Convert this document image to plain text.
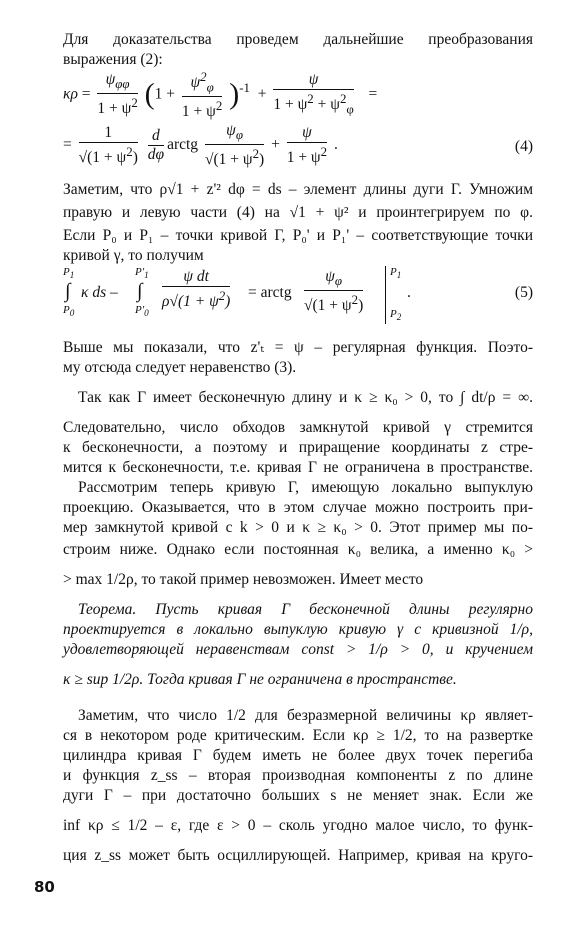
Для доказательства проведем дальнейшие преобразования
выражения (2):
$\kappa\rho = \frac{\psi_{\varphi\varphi}}{1 + \psi^2} (1 + \frac{\psi^2_\varphi}{1 + \psi^2} )^{-1} + \frac{\psi}{1 + \psi^2 + \psi^2_\varphi}$ =
= $\frac{1}{√(1 + \psi^2)}$
$\frac{d}{d\varphi}$ arctg $\frac{\psi_\varphi}{√(1 + \psi^2)} + \frac{\psi}{1 + \psi^2}$ .	(4)
Заметим, что ρ√1 + z'² dφ = ds – элемент длины дуги Г. Умножим
правую и левую части (4) на √1 + ψ² и проинтегрируем по φ.
Если P₀ и P₁ – точки кривой Г, P₀' и P₁' – соответствующие точки
кривой γ, то получим
$P_1$
∫
$P_0$
κ ds –
$P'_1$
∫
$P'_0$
$\frac{\text{ψ dt}}{\rho√(1 + \psi^2)}$ = arctg $\frac{\psi_\varphi}{√(1 + \psi^2)} P_1$
$P_2$
.	(5)
Выше мы показали, что z'ₜ = ψ – регулярная функция. Поэто-
му отсюда следует неравенство (3).
Так как Г имеет бесконечную длину и κ ≥ κ₀ > 0, то ∫ dt/ρ = ∞.
Следовательно, число обходов замкнутой кривой γ стремится
к бесконечности, а поэтому и приращение координаты z стре-
мится к бесконечности, т.е. кривая Г не ограничена в пространстве.
Рассмотрим теперь кривую Г, имеющую локально выпуклую
проекцию. Оказывается, что в этом случае можно построить при-
мер замкнутой кривой с k > 0 и κ ≥ κ₀ > 0. Этот пример мы по-
строим ниже. Однако если постоянная κ₀ велика, а именно κ₀ >
> max 1/2ρ, то такой пример невозможен. Имеет место
Теорема. Пусть кривая Г бесконечной длины регулярно
проектируется в локально выпуклую кривую γ с кривизной 1/ρ,
удовлетворяющей неравенствам const > 1/ρ > 0, и кручением
κ ≥ sup 1/2ρ. Тогда кривая Г не ограничена в пространстве.
Заметим, что число 1/2 для безразмерной величины κρ являет-
ся в некотором роде критическим. Если κρ ≥ 1/2, то на развертке
цилиндра кривая Г будем иметь не более двух точек перегиба
и функция z_ss – вторая производная компоненты z по длине
дуги Г – при достаточно больших s не меняет знак. Если же
inf κρ ≤ 1/2 – ε, где ε > 0 – сколь угодно малое число, то функ-
ция z_ss может быть осциллирующей. Например, кривая на круго-
80
